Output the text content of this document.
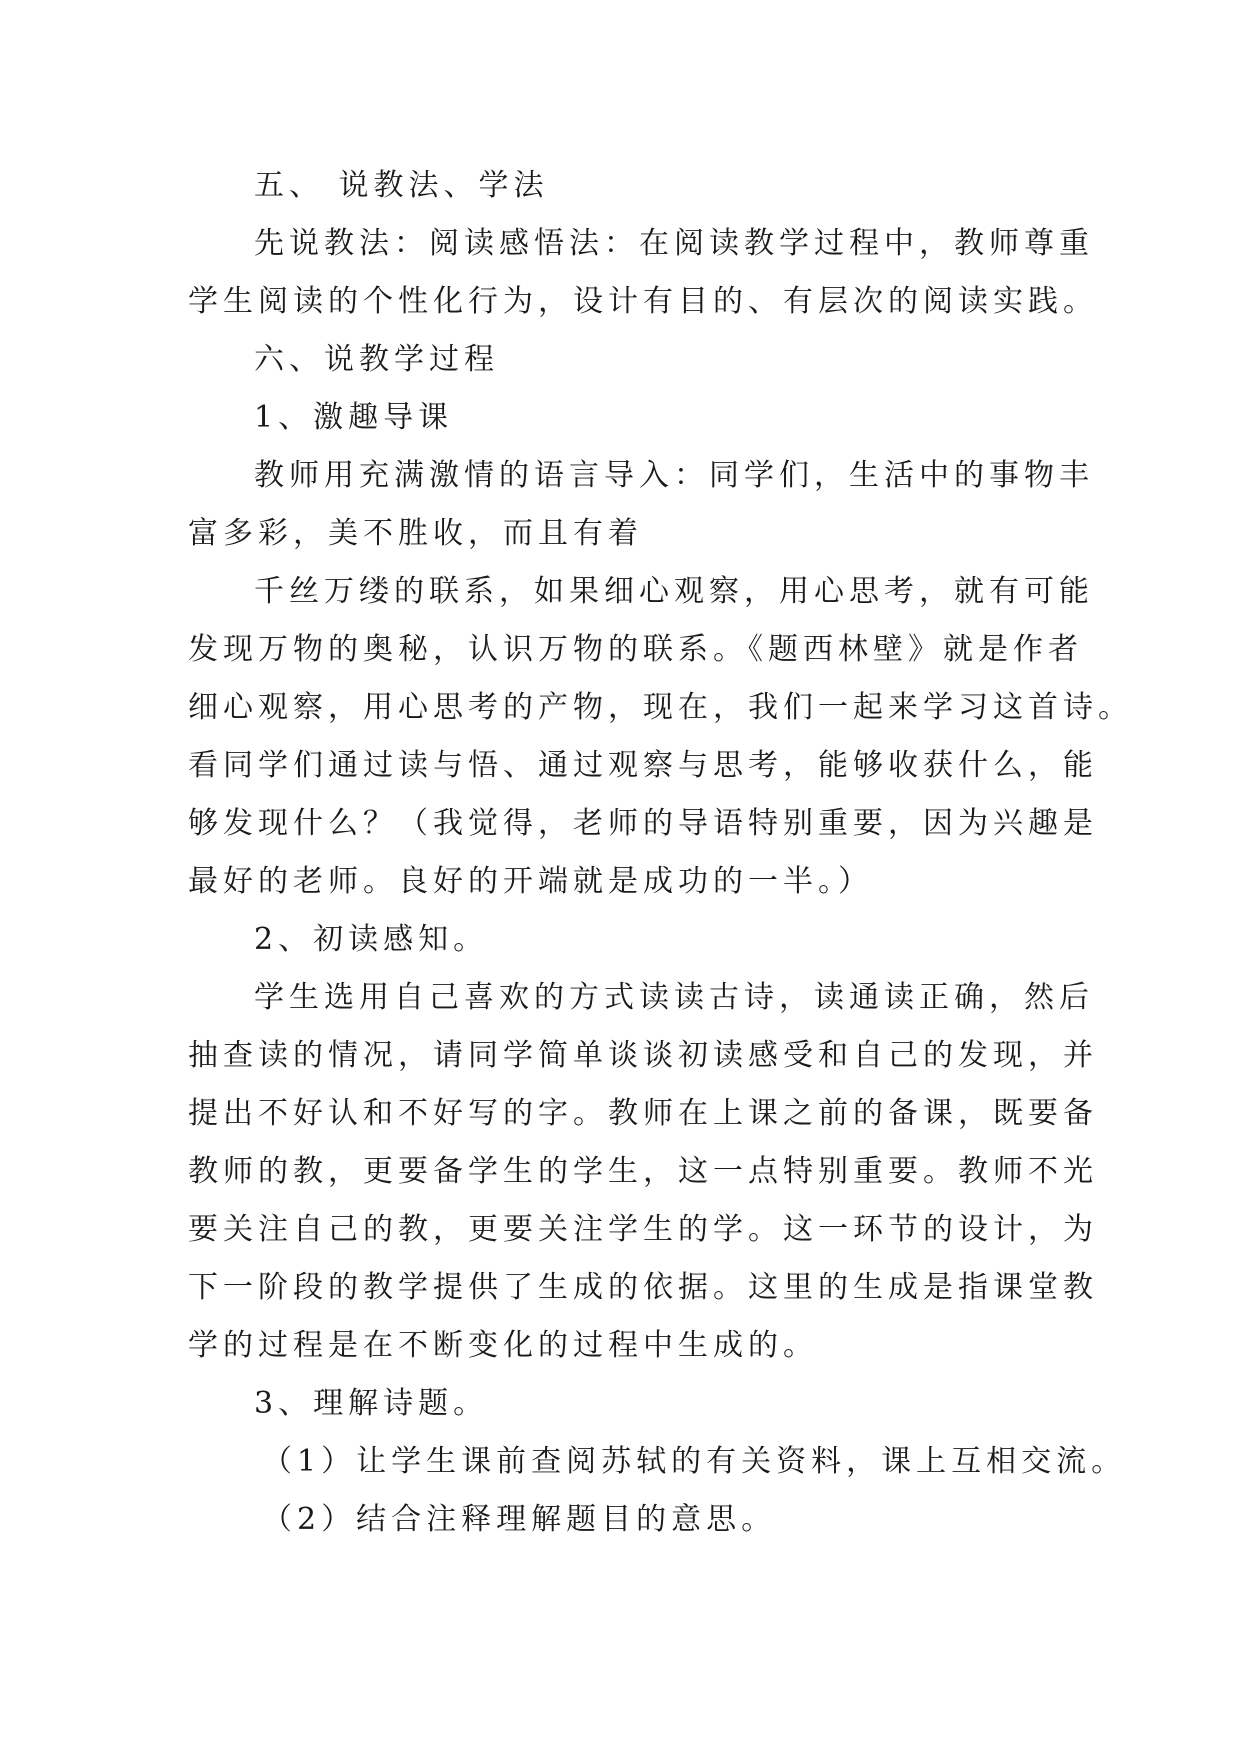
五、 说教法、学法
先说教法：阅读感悟法：在阅读教学过程中，教师尊重
学生阅读的个性化行为，设计有目的、有层次的阅读实践。
六、说教学过程
1、激趣导课
教师用充满激情的语言导入：同学们，生活中的事物丰
富多彩，美不胜收，而且有着
千丝万缕的联系，如果细心观察，用心思考，就有可能
发现万物的奥秘，认识万物的联系。《题西林壁》就是作者
细心观察，用心思考的产物，现在，我们一起来学习这首诗。
看同学们通过读与悟、通过观察与思考，能够收获什么，能
够发现什么？（我觉得，老师的导语特别重要，因为兴趣是
最好的老师。良好的开端就是成功的一半。）
2、初读感知。
学生选用自己喜欢的方式读读古诗，读通读正确，然后
抽查读的情况，请同学简单谈谈初读感受和自己的发现，并
提出不好认和不好写的字。教师在上课之前的备课，既要备
教师的教，更要备学生的学生，这一点特别重要。教师不光
要关注自己的教，更要关注学生的学。这一环节的设计，为
下一阶段的教学提供了生成的依据。这里的生成是指课堂教
学的过程是在不断变化的过程中生成的。
3、理解诗题。
（1）让学生课前查阅苏轼的有关资料，课上互相交流。
（2）结合注释理解题目的意思。
